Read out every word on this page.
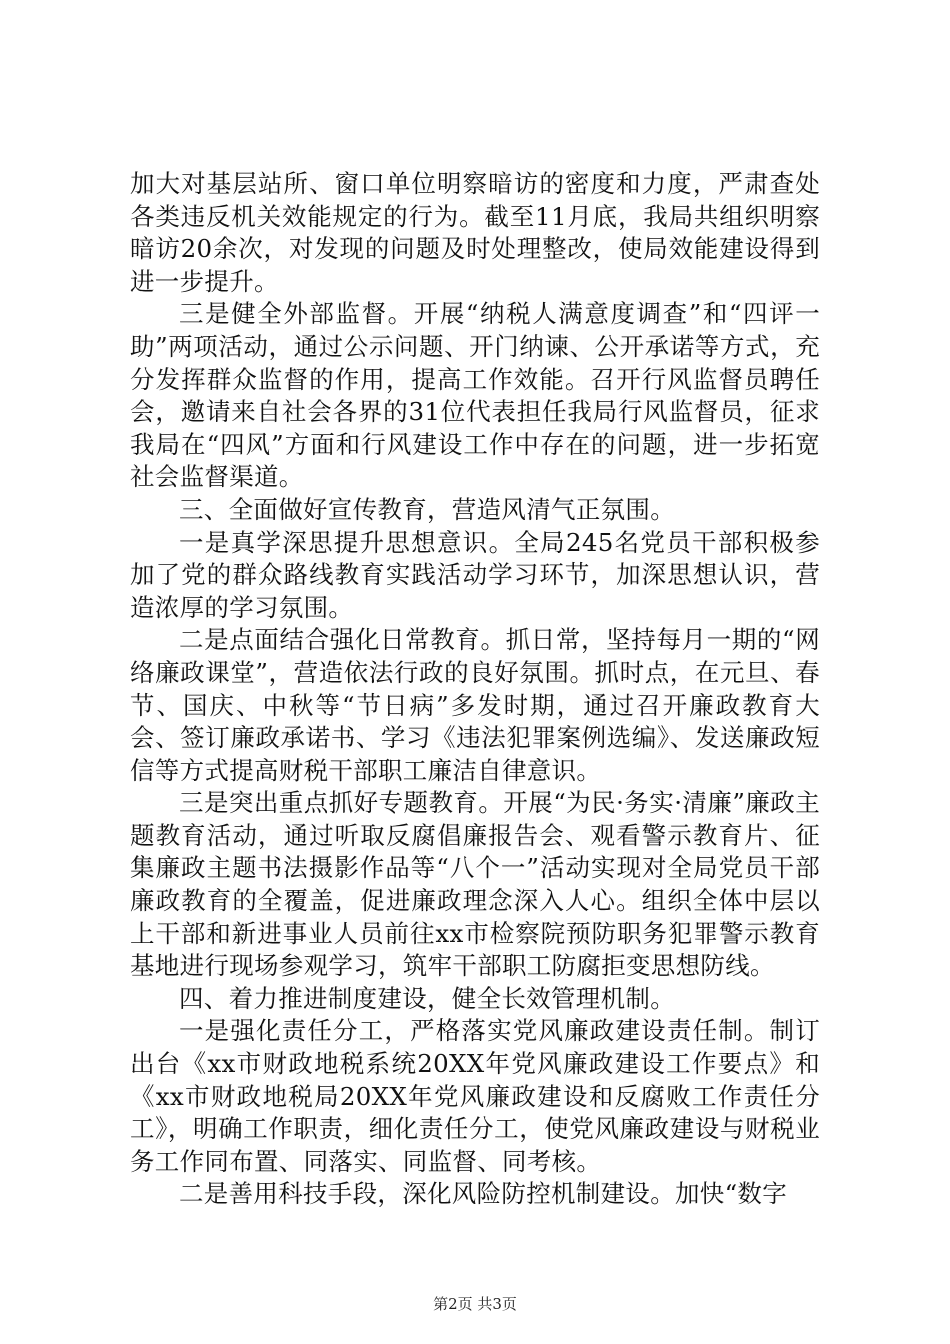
加大对基层站所、窗口单位明察暗访的密度和力度，严肃查处各类违反机关效能规定的行为。截至11月底，我局共组织明察暗访20余次，对发现的问题及时处理整改，使局效能建设得到进一步提升。

三是健全外部监督。开展“纳税人满意度调查”和“四评一助”两项活动，通过公示问题、开门纳谏、公开承诺等方式，充分发挥群众监督的作用，提高工作效能。召开行风监督员聘任会，邀请来自社会各界的31位代表担任我局行风监督员，征求我局在“四风”方面和行风建设工作中存在的问题，进一步拓宽社会监督渠道。

三、全面做好宣传教育，营造风清气正氛围。

一是真学深思提升思想意识。全局245名党员干部积极参加了党的群众路线教育实践活动学习环节，加深思想认识，营造浓厚的学习氛围。

二是点面结合强化日常教育。抓日常，坚持每月一期的“网络廉政课堂”，营造依法行政的良好氛围。抓时点，在元旦、春节、国庆、中秋等“节日病”多发时期，通过召开廉政教育大会、签订廉政承诺书、学习《违法犯罪案例选编》、发送廉政短信等方式提高财税干部职工廉洁自律意识。

三是突出重点抓好专题教育。开展“为民·务实·清廉”廉政主题教育活动，通过听取反腐倡廉报告会、观看警示教育片、征集廉政主题书法摄影作品等“八个一”活动实现对全局党员干部廉政教育的全覆盖，促进廉政理念深入人心。组织全体中层以上干部和新进事业人员前往xx市检察院预防职务犯罪警示教育基地进行现场参观学习，筑牢干部职工防腐拒变思想防线。

四、着力推进制度建设，健全长效管理机制。

一是强化责任分工，严格落实党风廉政建设责任制。制订出台《xx市财政地税系统20XX年党风廉政建设工作要点》和《xx市财政地税局20XX年党风廉政建设和反腐败工作责任分工》，明确工作职责，细化责任分工，使党风廉政建设与财税业务工作同布置、同落实、同监督、同考核。

二是善用科技手段，深化风险防控机制建设。加快“数字

第2页 共3页
